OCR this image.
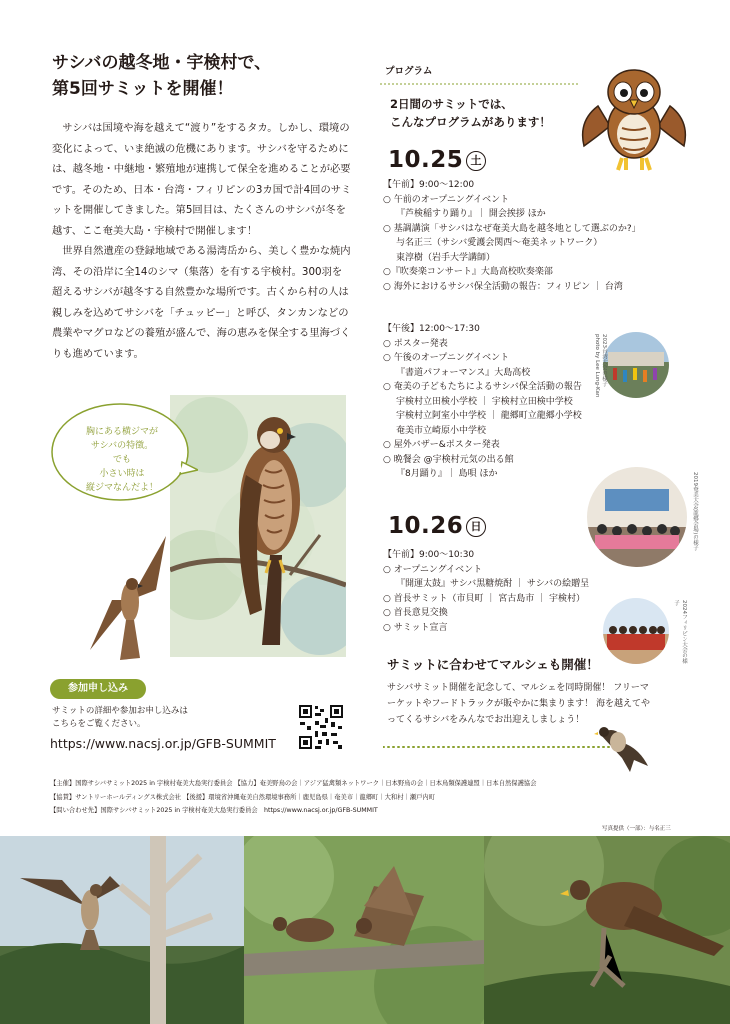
サシバの越冬地・宇検村で、
第5回サミットを開催！

サシバは国境や海を越えて“渡り”をするタカ。しかし、環境の変化によって、いま絶滅の危機にあります。サシバを守るためには、越冬地・中継地・繁殖地が連携して保全を進めることが必要です。そのため、日本・台湾・フィリピンの3カ国で計4回のサミットを開催してきました。第5回目は、たくさんのサシバが冬を越す、ここ奄美大島・宇検村で開催します！

世界自然遺産の登録地域である湯湾岳から、美しく豊かな焼内湾、その沿岸に全14のシマ（集落）を有する宇検村。300羽を超えるサシバが越冬する自然豊かな場所です。古くから村の人は親しみを込めてサシバを「チュッピー」と呼び、タンカンなどの農業やマグロなどの養殖が盛んで、海の恵みを保全する里海づくりも進めています。

胸にある横ジマが
サシバの特徴。
でも
小さい時は
縦ジマなんだよ！
参加申し込み
サミットの詳細や参加お申し込みは
こちらをご覧ください。
https://www.nacsj.or.jp/GFB-SUMMIT
プログラム
2日間のサミットでは、
こんなプログラムがあります！
10.25 土
【午前】9:00～12:00
○ 午前のオープニングイベント
『芦検稲すり踊り』｜ 開会挨拶 ほか
○ 基調講演「サシバはなぜ奄美大島を越冬地として選ぶのか?」
与名正三（サシバ愛護会関西～奄美ネットワーク）
東淳樹（岩手大学講師）
○『吹奏楽コンサート』大島高校吹奏楽部
○ 海外におけるサシバ保全活動の報告：フィリピン ｜ 台湾
【午後】12:00～17:30
○ ポスター発表
○ 午後のオープニングイベント
『書道パフォーマンス』大島高校
○ 奄美の子どもたちによるサシバ保全活動の報告
宇検村立田検小学校 ｜ 宇検村立田検中学校
宇検村立阿室小中学校 ｜ 龍郷町立龍郷小学校
奄美市立崎原小中学校
○ 屋外バザー&ポスター発表
○ 晩餐会 @宇検村元気の出る館
『8月踊り』｜ 島唄 ほか
10.26 日
【午前】9:00～10:30
○ オープニングイベント
『開運太鼓』サシバ黒糖焼酎 ｜ サシバの絵贈呈
○ 首長サミット（市貝町 ｜ 宮古島市 ｜ 宇検村）
○ 首長意見交換
○ サミット宣言
2023台湾大会の様子 photo by Lee Lung-Kan
2019奄美大会(龍郷会場)の様子
2024フィリピン大会の様子
サミットに合わせてマルシェも開催！
サシバサミット開催を記念して、マルシェを同時開催！ フリーマーケットやフードトラックが販やかに集まります！ 海を越えてやってくるサシバをみんなでお出迎えしましょう！
【主催】国際サシバサミット2025 in 宇検村奄美大島実行委員会 【協力】奄美野鳥の会｜アジア猛禽類ネットワーク｜日本野鳥の会｜日本鳥類保護連盟｜日本自然保護協会
【協賛】サントリーホールディングス株式会社 【後援】環境省沖縄奄美自然環境事務所｜鹿児島県｜奄美市｜龍郷町｜大和村｜瀬戸内町
【問い合わせ先】国際サシバサミット2025 in 宇検村奄美大島実行委員会　https://www.nacsj.or.jp/GFB-SUMMIT
写真提供（一部）：与名正三
